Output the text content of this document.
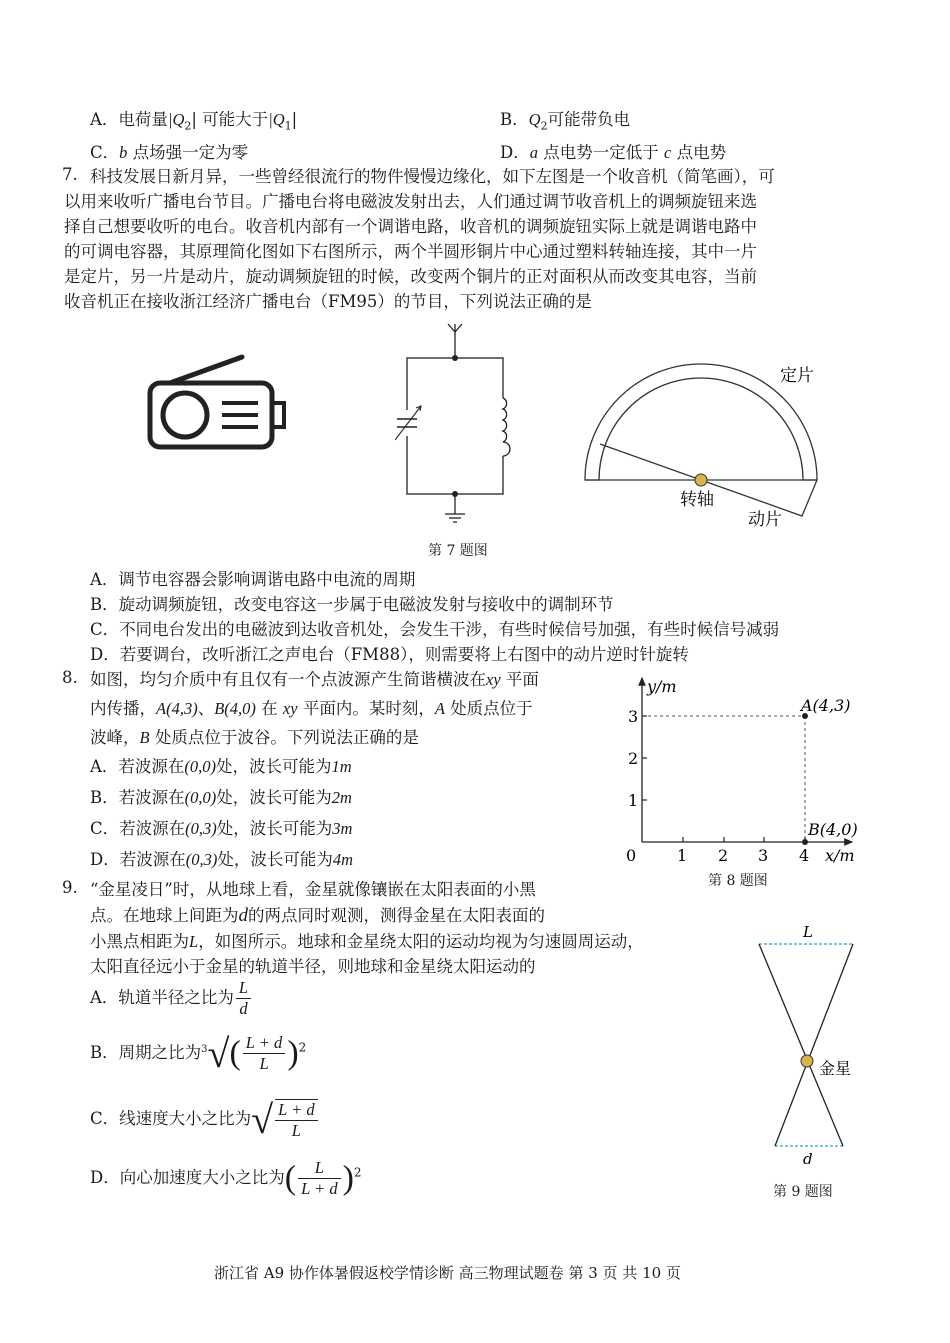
A．电荷量$|Q_2|$ 可能大于$|Q_1|$	B．$Q_2$可能带负电
C．b 点场强一定为零	D．a 点电势一定低于 c 点电势
7. 科技发展日新月异，一些曾经很流行的物件慢慢边缘化，如下左图是一个收音机（简笔画），可
以用来收听广播电台节目。广播电台将电磁波发射出去，人们通过调节收音机上的调频旋钮来选
择自己想要收听的电台。收音机内部有一个调谐电路，收音机的调频旋钮实际上就是调谐电路中
的可调电容器，其原理简化图如下右图所示，两个半圆形铜片中心通过塑料转轴连接，其中一片
是定片，另一片是动片，旋动调频旋钮的时候，改变两个铜片的正对面积从而改变其电容，当前
收音机正在接收浙江经济广播电台（FM95）的节目，下列说法正确的是
定片
转轴
动片
第 7 题图
A．调节电容器会影响调谐电路中电流的周期
B．旋动调频旋钮，改变电容这一步属于电磁波发射与接收中的调制环节
C．不同电台发出的电磁波到达收音机处，会发生干涉，有些时候信号加强，有些时候信号减弱
D．若要调台，改听浙江之声电台（FM88），则需要将上右图中的动片逆时针旋转
8. 如图，均匀介质中有且仅有一个点波源产生简谐横波在xy 平面
内传播，A(4,3)、B(4,0) 在 xy 平面内。某时刻，A 处质点位于
波峰，B 处质点位于波谷。下列说法正确的是
A．若波源在(0,0)处，波长可能为1m
B．若波源在(0,0)处，波长可能为2m
C．若波源在(0,3)处，波长可能为3m
D．若波源在(0,3)处，波长可能为4m
y/m
x/m
0	1 2 3 4
1
2
3
A(4,3)
B(4,0)
第 8 题图
9. “金星凌日”时，从地球上看，金星就像镶嵌在太阳表面的小黑
点。在地球上间距为d的两点同时观测，测得金星在太阳表面的
小黑点相距为L，如图所示。地球和金星绕太阳的运动均视为匀速圆周运动，
太阳直径远小于金星的轨道半径，则地球和金星绕太阳运动的
A．轨道半径之比为 $\frac{L}{d}$
B．周期之比为$^3√( \frac{L + d}{L} )^2$
C．线速度大小之比为√ $\frac{L + d}{L}$
D．向心加速度大小之比为( $\frac{L}{L + d} )^2$
L
d
金星
第 9 题图
浙江省 A9 协作体暑假返校学情诊断 高三物理试题卷 第 3 页 共 10 页
